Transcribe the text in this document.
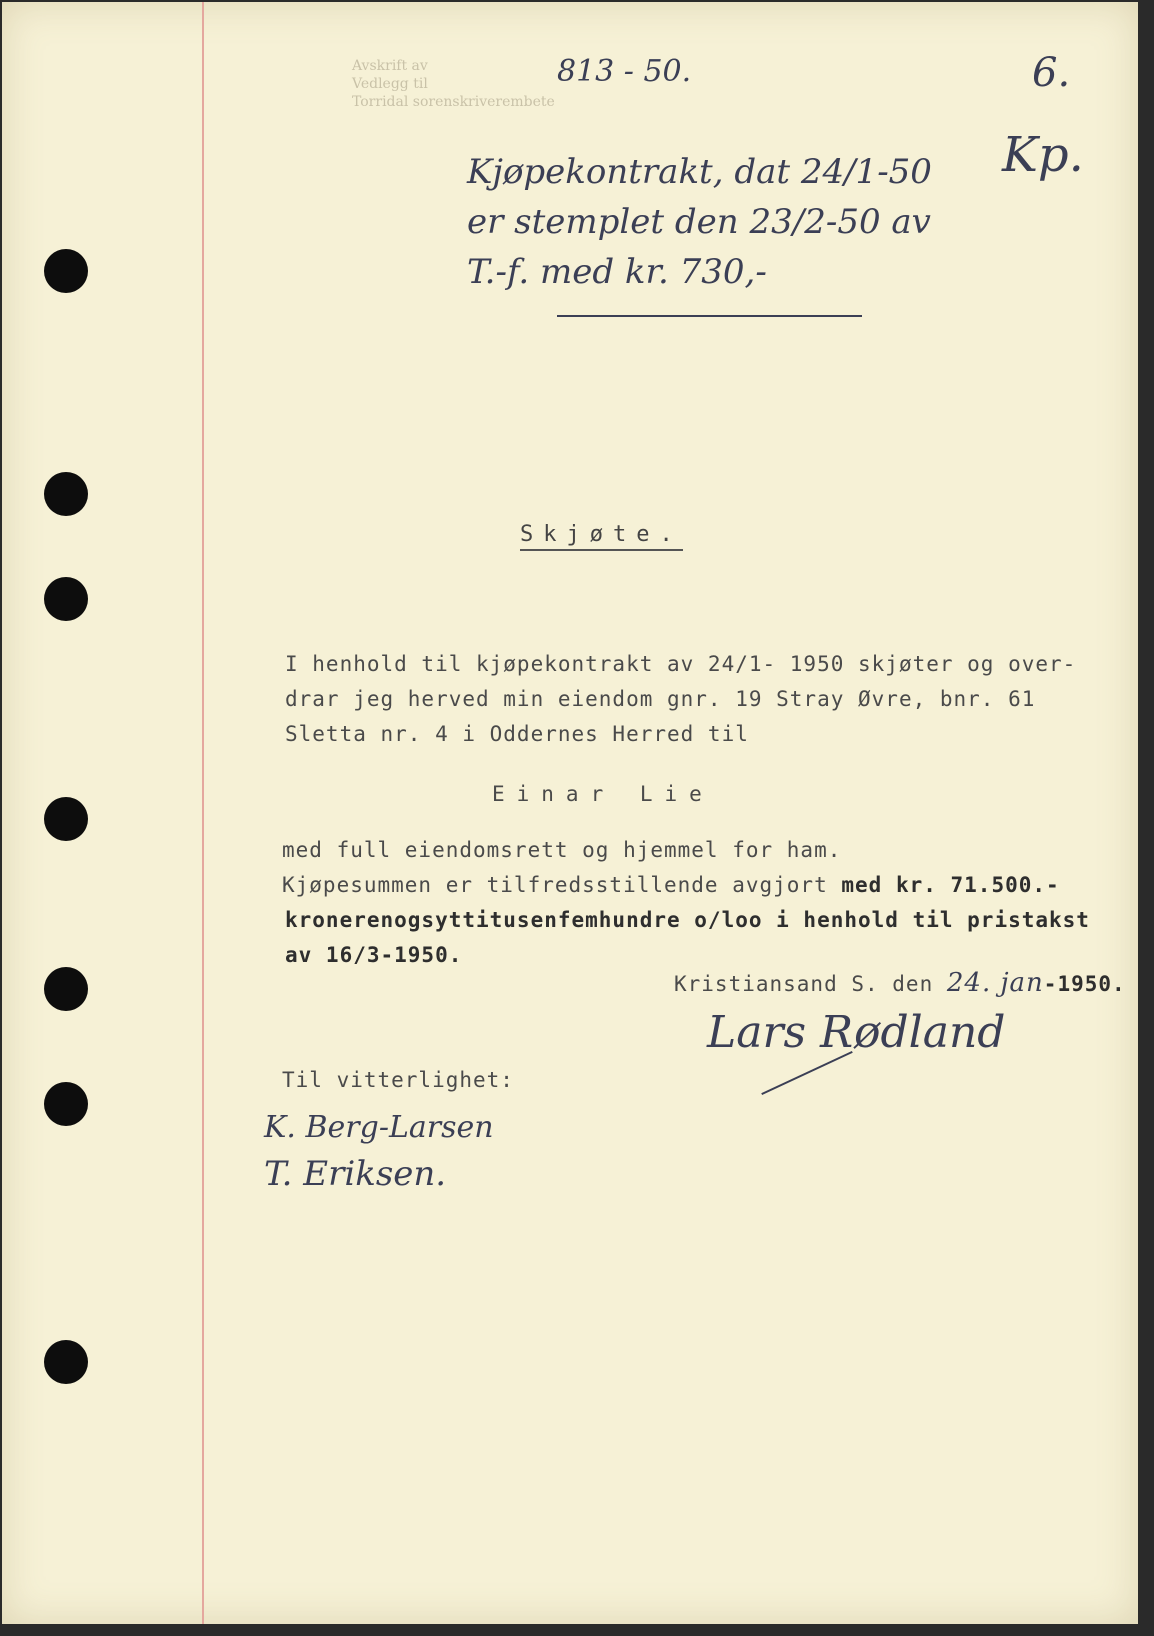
Avskrift av
Vedlegg til
Torridal sorenskriverembete
813 - 50.	6.
Kp.
Kjøpekontrakt, dat 24/1-50
er stemplet den 23/2-50 av
T.-f. med kr. 730,-
Skjøte.
I henhold til kjøpekontrakt av 24/1- 1950 skjøter og over-
drar jeg herved min eiendom gnr. 19 Stray Øvre, bnr. 61
Sletta nr. 4 i Oddernes Herred til
Einar Lie
med full eiendomsrett og hjemmel for ham.
Kjøpesummen er tilfredsstillende avgjort med kr. 71.500.-
kronerenogsyttitusenfemhundre o/loo i henhold til pristakst
av 16/3-1950.
Kristiansand S. den 24. jan-1950.
Lars Rødland
Til vitterlighet:
K. Berg-Larsen
T. Eriksen.
